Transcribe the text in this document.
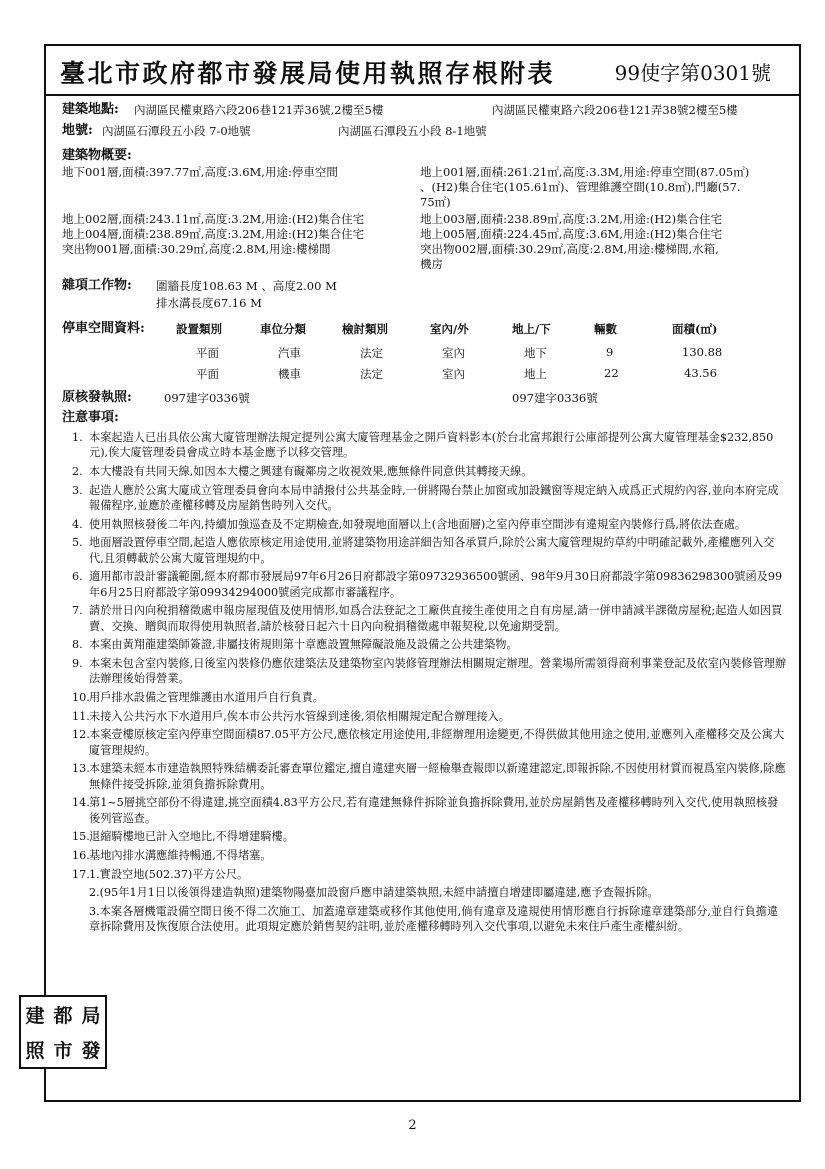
臺北市政府都市發展局使用執照存根附表	99使字第0301號
建築地點: 內湖區民權東路六段206巷121弄36號,2樓至5樓	內湖區民權東路六段206巷121弄38號2樓至5樓
地號: 內湖區石潭段五小段 7-0地號	內湖區石潭段五小段 8-1地號
建築物概要:
地下001層,面積:397.77㎡,高度:3.6M,用途:停車空間
地上002層,面積:243.11㎡,高度:3.2M,用途:(H2)集合住宅
地上004層,面積:238.89㎡,高度:3.2M,用途:(H2)集合住宅
突出物001層,面積:30.29㎡,高度:2.8M,用途:樓梯間
地上001層,面積:261.21㎡,高度:3.3M,用途:停車空間(87.05㎡)
、(H2)集合住宅(105.61㎡)、管理維護空間(10.8㎡),門廳(57.
75㎡)
地上003層,面積:238.89㎡,高度:3.2M,用途:(H2)集合住宅
地上005層,面積:224.45㎡,高度:3.6M,用途:(H2)集合住宅
突出物002層,面積:30.29㎡,高度:2.8M,用途:樓梯間,水箱,
機房
雜項工作物: 圍牆長度108.63 M 、高度2.00 M
排水溝長度67.16 M
停車空間資料:	設置類別	車位分類	檢討類別	室內/外	地上/下	輛數	面積(㎡)
平面	汽車	法定	室內	地下	9	130.88
平面	機車	法定	室內	地上	22	43.56
原核發執照:	097建字0336號	097建字0336號
注意事項:
1. 本案起造人已出具依公寓大廈管理辦法規定提列公寓大廈管理基金之開戶資料影本(於台北富邦銀行公庫部提列公寓大廈管理基金$232,850元),俟大廈管理委員會成立時本基金應予以移交管理。
2. 本大樓設有共同天線,如因本大樓之興建有礙鄰房之收視效果,應無條件同意供其轉接天線。
3. 起造人應於公寓大廈成立管理委員會向本局申請撥付公共基金時,一併將陽台禁止加窗或加設鐵窗等規定納入成爲正式規約內容,並向本府完成報備程序,並應於產權移轉及房屋銷售時列入交代。
4. 使用執照核發後二年內,持續加強巡查及不定期檢查,如發現地面層以上(含地面層)之室內停車空間涉有違規室內裝修行爲,將依法查處。
5. 地面層設置停車空間,起造人應依原核定用途使用,並將建築物用途詳細告知各承買戶,除於公寓大廈管理規約草約中明確記載外,產權應列入交代,且須轉載於公寓大廈管理規約中。
6. 適用都市設計審議範圍,經本府都市發展局97年6月26日府都設字第09732936500號函、98年9月30日府都設字第09836298300號函及99年6月25日府都設字第09934294000號函完成都市審議程序。
7. 請於卅日內向稅捐稽徵處申報房屋現值及使用情形,如爲合法登記之工廠供直接生產使用之自有房屋,請一併申請減半課徵房屋稅;起造人如因買賣、交換、贈與而取得使用執照者,請於核發日起六十日內向稅捐稽徵處申報契稅,以免逾期受罰。
8. 本案由黃翔龍建築師簽證,非屬技術規則第十章應設置無障礙設施及設備之公共建築物。
9. 本案未包含室內裝修,日後室內裝修仍應依建築法及建築物室內裝修管理辦法相關規定辦理。營業場所需領得商利事業登記及依室內裝修管理辦法辦理後始得營業。
10. 用戶排水設備之管理維護由水道用戶自行負責。
11. 未接入公共污水下水道用戶,俟本市公共污水管線到達後,須依相關規定配合辦理接入。
12. 本案壹樓原核定室內停車空間面積87.05平方公尺,應依核定用途使用,非經辦理用途變更,不得供做其他用途之使用,並應列入產權移交及公寓大廈管理規約。
13. 本建築未經本市建造執照特殊結構委託審查單位鑑定,擅自違建夾層一經檢舉查報即以新違建認定,即報拆除,不因使用材質而視爲室內裝修,除應無條件接受拆除,並須負擔拆除費用。
14. 第1~5層挑空部份不得違建,挑空面積4.83平方公尺,若有違建無條件拆除並負擔拆除費用,並於房屋銷售及產權移轉時列入交代,使用執照核發後列管巡查。
15. 退縮騎樓地已計入空地比,不得增建騎樓。
16. 基地內排水溝應維持暢通,不得堵塞。
17. 1.實設空地(502.37)平方公尺。
2.(95年1月1日以後領得建造執照)建築物陽臺加設窗戶應申請建築執照,未經申請擅自增建即屬違建,應予查報拆除。
3.本案各層機電設備空間日後不得二次施工、加蓋違章建築或移作其他使用,倘有違章及違規使用情形應自行拆除違章建築部分,並自行負擔違章拆除費用及恢復原合法使用。此項規定應於銷售契約註明,並於產權移轉時列入交代事項,以避免未來住戶產生產權糾紛。
建 都 局
照 市 發
2
